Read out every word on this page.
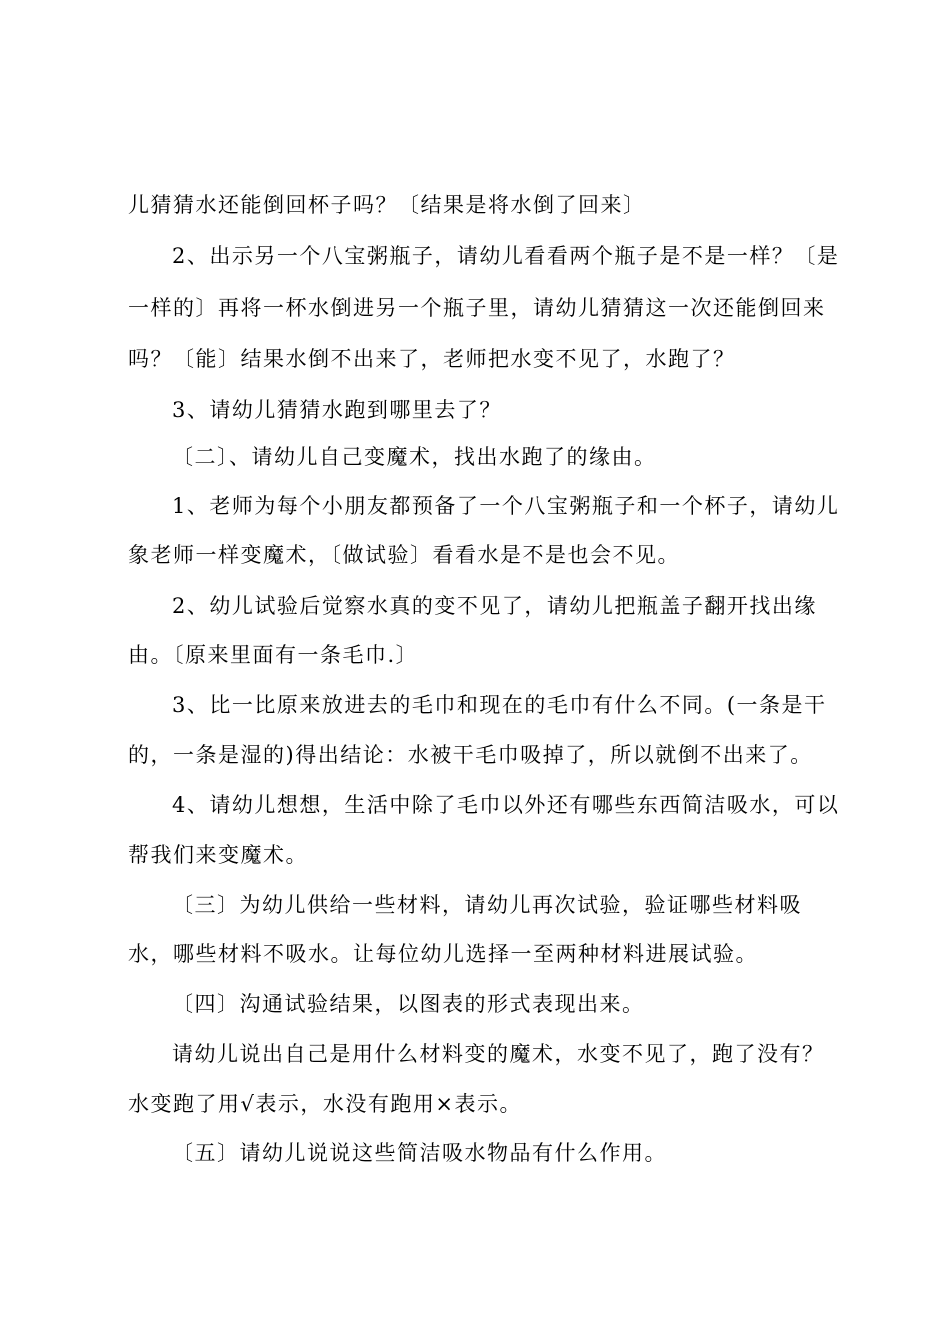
儿猜猜水还能倒回杯子吗？〔结果是将水倒了回来〕
2、出示另一个八宝粥瓶子，请幼儿看看两个瓶子是不是一样？〔是
一样的〕再将一杯水倒进另一个瓶子里，请幼儿猜猜这一次还能倒回来
吗？〔能〕结果水倒不出来了，老师把水变不见了，水跑了？
3、请幼儿猜猜水跑到哪里去了？
〔二〕、请幼儿自己变魔术，找出水跑了的缘由。
1、老师为每个小朋友都预备了一个八宝粥瓶子和一个杯子，请幼儿
象老师一样变魔术，〔做试验〕看看水是不是也会不见。
2、幼儿试验后觉察水真的变不见了，请幼儿把瓶盖子翻开找出缘
由。〔原来里面有一条毛巾.〕
3、比一比原来放进去的毛巾和现在的毛巾有什么不同。(一条是干
的，一条是湿的)得出结论：水被干毛巾吸掉了，所以就倒不出来了。
4、请幼儿想想，生活中除了毛巾以外还有哪些东西简洁吸水，可以
帮我们来变魔术。
〔三〕为幼儿供给一些材料，请幼儿再次试验，验证哪些材料吸
水，哪些材料不吸水。让每位幼儿选择一至两种材料进展试验。
〔四〕沟通试验结果，以图表的形式表现出来。
请幼儿说出自己是用什么材料变的魔术，水变不见了，跑了没有？
水变跑了用√表示，水没有跑用×表示。
〔五〕请幼儿说说这些简洁吸水物品有什么作用。
